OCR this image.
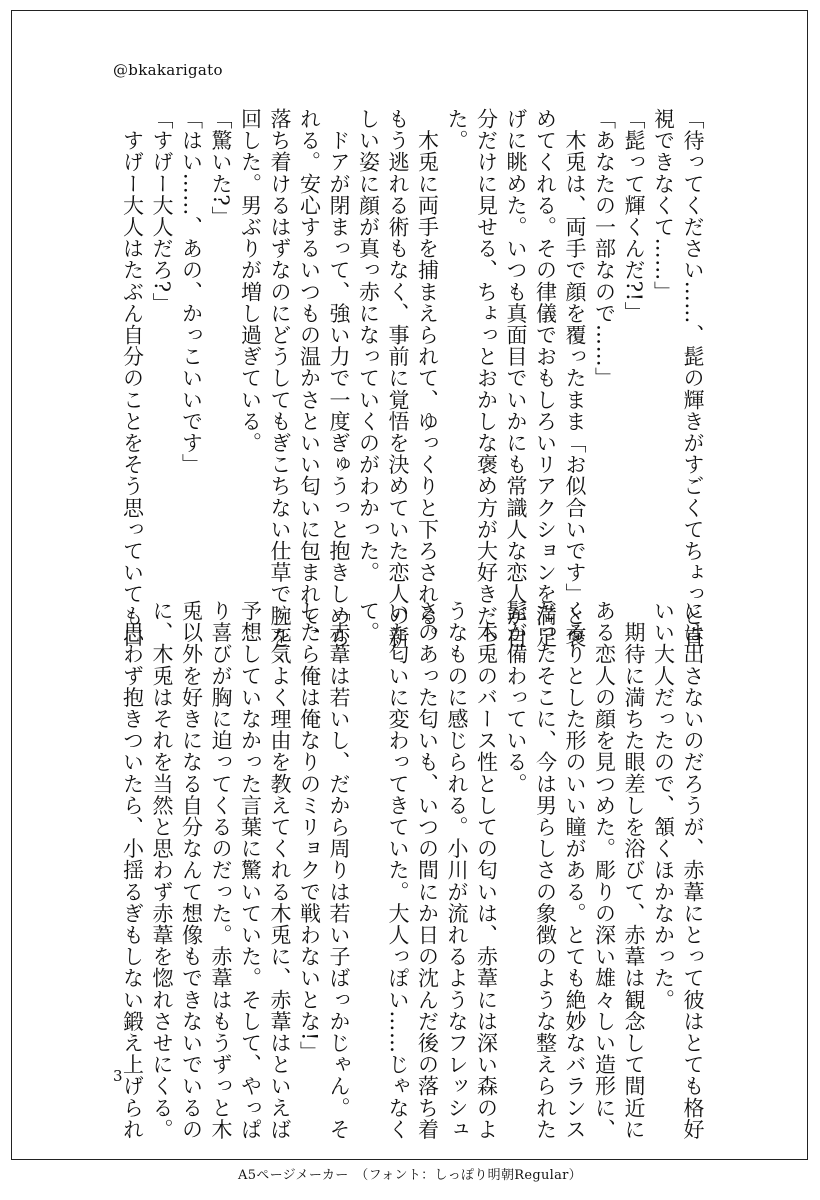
@bkakarigato

「待ってください……、髭の輝きがすごくてちょっと直

視できなくて……」

「髭って輝くんだ?!」

「あなたの一部なので……」

　木兎は、両手で顔を覆ったまま「お似合いです」と褒

めてくれる。その律儀でおもしろいリアクションを満足

げに眺めた。いつも真面目でいかにも常識人な恋人が自

分だけに見せる、ちょっとおかしな褒め方が大好きだっ

た。

　木兎に両手を捕まえられて、ゆっくりと下ろされる。

もう逃れる術もなく、事前に覚悟を決めていた恋人の新

しい姿に顔が真っ赤になっていくのがわかった。

　ドアが閉まって、強い力で一度ぎゅうっと抱きしめら

れる。安心するいつもの温かさといい匂いに包まれて、

落ち着けるはずなのにどうしてもぎこちない仕草で腕を

回した。男ぶりが増し過ぎている。

「驚いた?」

「はい……、あの、かっこいいです」

「すげー大人だろ?」

　すげー大人はたぶん自分のことをそう思っていても口

には出さないのだろうが、赤葦にとって彼はとても格好

いい大人だったので、頷くほかなかった。

　期待に満ちた眼差しを浴びて、赤葦は観念して間近に

ある恋人の顔を見つめた。彫りの深い雄々しい造形に、

くるりとした形のいい瞳がある。とても絶妙なバランス

だったそこに、今は男らしさの象徴のような整えられた

髭が備わっている。

　木兎のバース性としての匂いは、赤葦には深い森のよ

うなものに感じられる。小川が流れるようなフレッシュ

さのあった匂いも、いつの間にか日の沈んだ後の落ち着

いた匂いに変わってきていた。大人っぽい……じゃなく

て。

「赤葦は若いし、だから周りは若い子ばっかじゃん。そ

したら俺は俺なりのミリョクで戦わないとな!」

　元気よく理由を教えてくれる木兎に、赤葦はといえば

予想していなかった言葉に驚いていた。そして、やっぱ

り喜びが胸に迫ってくるのだった。赤葦はもうずっと木

兎以外を好きになる自分なんて想像もできないでいるの

に、木兎はそれを当然と思わず赤葦を惚れさせにくる。

　思わず抱きついたら、小揺るぎもしない鍛え上げられ

3
A5ページメーカー　（フォント：しっぽり明朝Regular）
